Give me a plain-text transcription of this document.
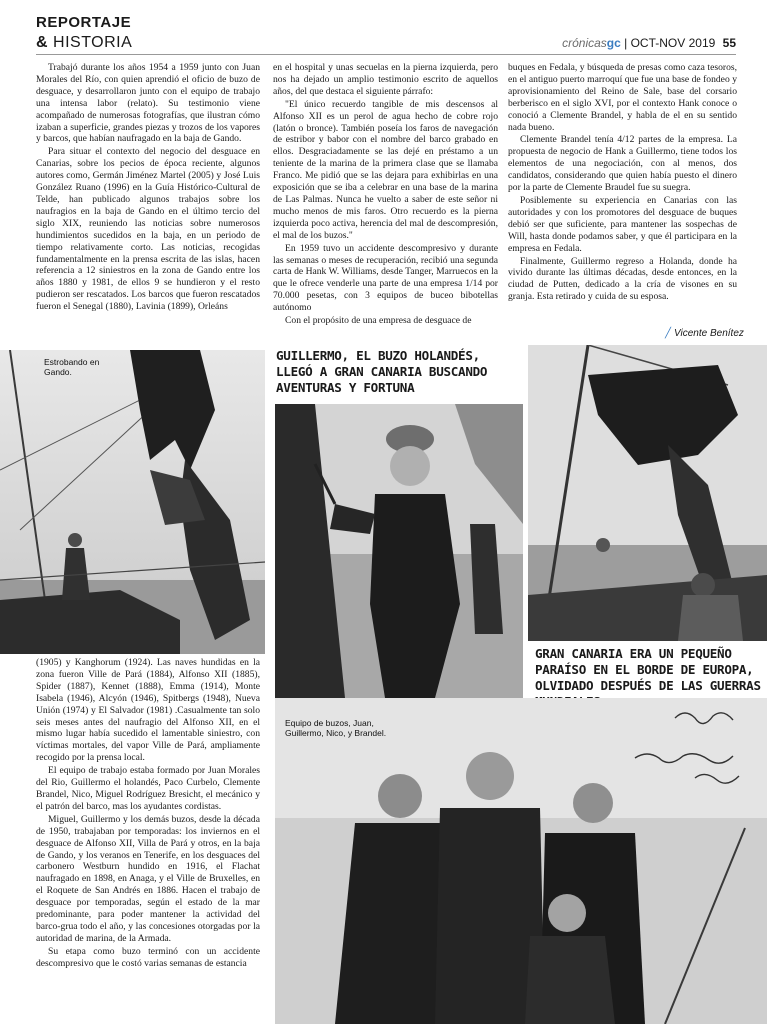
REPORTAJE
& HISTORIA	crónicasgc | OCT-NOV 2019 55

Trabajó durante los años 1954 a 1959 junto con Juan Morales del Río, con quien aprendió el oficio de buzo de desguace, y desarrollaron junto con el equipo de trabajo una intensa labor (relato). Su testimonio viene acompañado de numerosas fotografías, que ilustran cómo izaban a superficie, grandes piezas y trozos de los vapores y barcos, que habían naufragado en la baja de Gando.

Para situar el contexto del negocio del desguace en Canarias, sobre los pecios de época reciente, algunos autores como, Germán Jiménez Martel (2005) y José Luis González Ruano (1996) en la Guía Histórico-Cultural de Telde, han publicado algunos trabajos sobre los naufragios en la baja de Gando en el último tercio del siglo XIX, reuniendo las noticias sobre numerosos hundimientos sucedidos en la baja, en un periodo de tiempo relativamente corto. Las noticias, recogidas fundamentalmente en la prensa escrita de las islas, hacen referencia a 12 siniestros en la zona de Gando entre los años 1880 y 1981, de ellos 9 se hundieron y el resto pudieron ser rescatados. Los barcos que fueron rescatados fueron el Senegal (1880), Lavinia (1899), Orleáns

en el hospital y unas secuelas en la pierna izquierda, pero nos ha dejado un amplio testimonio escrito de aquellos años, del que destaca el siguiente párrafo:

"El único recuerdo tangible de mis descensos al Alfonso XII es un perol de agua hecho de cobre rojo (latón o bronce). También poseía los faros de navegación de estribor y babor con el nombre del barco grabado en ellos. Desgraciadamente se las dejé en préstamo a un teniente de la marina de la primera clase que se llamaba Franco. Me pidió que se las dejara para exhibirlas en una exposición que se iba a celebrar en una base de la marina de Las Palmas. Nunca he vuelto a saber de este señor ni mucho menos de mis faros. Otro recuerdo es la pierna izquierda poco activa, herencia del mal de descompresión, el mal de los buzos."

En 1959 tuvo un accidente descompresivo y durante las semanas o meses de recuperación, recibió una segunda carta de Hank W. Williams, desde Tanger, Marruecos en la que le ofrece venderle una parte de una empresa 1/14 por 70.000 pesetas, con 3 equipos de buceo bibotellas autónomo

Con el propósito de una empresa de desguace de

buques en Fedala, y búsqueda de presas como caza tesoros, en el antiguo puerto marroquí que fue una base de fondeo y aprovisionamiento del Reino de Sale, base del corsario berberisco en el siglo XVI, por el contexto Hank conoce o conoció a Clemente Brandel, y habla de el en su sentido nada bueno.

Clemente Brandel tenía 4/12 partes de la empresa. La propuesta de negocio de Hank a Guillermo, tiene todos los elementos de una negociación, con al menos, dos candidatos, considerando que quien había puesto el dinero por la parte de Clemente Braudel fue su suegra.

Posiblemente su experiencia en Canarias con las autoridades y con los promotores del desguace de buques debió ser que suficiente, para mantener las sospechas de Will, hasta donde podamos saber, y que él participara en la empresa en Fedala.

Finalmente, Guillermo regreso a Holanda, donde ha vivido durante las últimas décadas, desde entonces, en la ciudad de Putten, dedicado a la cría de visones en su granja. Esta retirado y cuida de su esposa.

╱ Vicente Benítez
Estrobando en Gando.
GUILLERMO, EL BUZO HOLANDÉS, LLEGÓ A GRAN CANARIA BUSCANDO AVENTURAS Y FORTUNA
GRAN CANARIA ERA UN PEQUEÑO PARAÍSO EN EL BORDE DE EUROPA, OLVIDADO DESPUÉS DE LAS GUERRAS

(1905) y Kanghorum (1924). Las naves hundidas en la zona fueron Ville de Pará (1884), Alfonso XII (1885), Spider (1887), Kennet (1888), Emma (1914), Monte Isabela (1946), Alcyón (1946), Spitbergs (1948), Nueva Unión (1974) y El Salvador (1981) .Casualmente tan solo seis meses antes del naufragio del Alfonso XII, en el mismo lugar había sucedido el lamentable siniestro, con víctimas mortales, del vapor Ville de Pará, ampliamente recogido por la prensa local.

El equipo de trabajo estaba formado por Juan Morales del Rio, Guillermo el holandés, Paco Curbelo, Clemente Brandel, Nico, Miguel Rodríguez Bresicht, el mecánico y el patrón del barco, mas los ayudantes cordistas.

Miguel, Guillermo y los demás buzos, desde la década de 1950, trabajaban por temporadas: los inviernos en el desguace de Alfonso XII, Villa de Pará y otros, en la baja de Gando, y los veranos en Tenerife, en los desguaces del carbonero Westburn hundido en 1916, el Flachat naufragado en 1898, en Anaga, y el Ville de Bruxelles, en el Roquete de San Andrés en 1886. Hacen el trabajo de desguace por temporadas, según el estado de la mar predominante, para poder mantener la actividad del barco-grua todo el año, y las concesiones otorgadas por la autoridad de marina, de la Armada.

Su etapa como buzo terminó con un accidente descompresivo que le costó varias semanas de estancia

Equipo de buzos, Juan, Guillermo, Nico, y Brandel.
